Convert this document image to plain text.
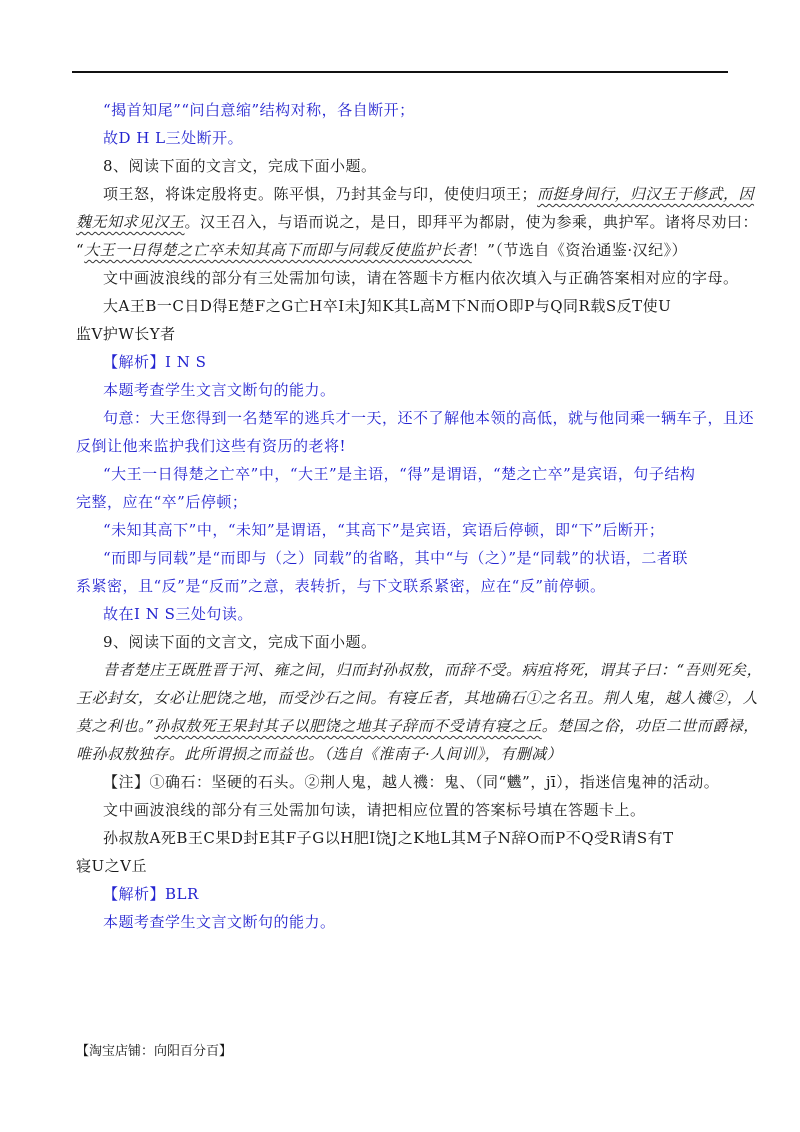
“揭首知尾”“问白意缩”结构对称，各自断开；
故D H L三处断开。
8、阅读下面的文言文，完成下面小题。
项王怒，将诛定殷将吏。陈平惧，乃封其金与印，使使归项王；而挺身间行，归汉王于修武，因
魏无知求见汉王。汉王召入，与语而说之，是日，即拜平为都尉，使为参乘，典护军。诸将尽劝曰：
“大王一日得楚之亡卒未知其高下而即与同载反使监护长者！”（节选自《资治通鉴·汉纪》）
文中画波浪线的部分有三处需加句读，请在答题卡方框内依次填入与正确答案相对应的字母。
大A王B一C日D得E楚F之G亡H卒I未J知K其L高M下N而O即P与Q同R载S反T使U
监V护W长Y者
【解析】I N S
本题考查学生文言文断句的能力。
句意：大王您得到一名楚军的逃兵才一天，还不了解他本领的高低，就与他同乘一辆车子，且还
反倒让他来监护我们这些有资历的老将!
“大王一日得楚之亡卒”中，“大王”是主语，“得”是谓语，“楚之亡卒”是宾语，句子结构
完整，应在“卒”后停顿；
“未知其高下”中，“未知”是谓语，“其高下”是宾语，宾语后停顿，即“下”后断开；
“而即与同载”是“而即与（之）同载”的省略，其中“与（之）”是“同载”的状语，二者联
系紧密，且“反”是“反而”之意，表转折，与下文联系紧密，应在“反”前停顿。
故在I N S三处句读。
9、阅读下面的文言文，完成下面小题。
昔者楚庄王既胜晋于河、雍之间，归而封孙叔敖，而辞不受。病疽将死，谓其子曰：“吾则死矣，
王必封女，女必让肥饶之地，而受沙石之间。有寝丘者，其地确石①之名丑。荆人鬼，越人禨②，人
莫之利也。”孙叔敖死王果封其子以肥饶之地其子辞而不受请有寝之丘。楚国之俗，功臣二世而爵禄，
唯孙叔敖独存。此所谓损之而益也。（选自《淮南子·人间训》，有删减）
【注】①确石：坚硬的石头。②荆人鬼，越人禨：鬼、（同“魕”，jī），指迷信鬼神的活动。
文中画波浪线的部分有三处需加句读，请把相应位置的答案标号填在答题卡上。
孙叔敖A死B王C果D封E其F子G以H肥I饶J之K地L其M子N辞O而P不Q受R请S有T
寝U之V丘
【解析】BLR
本题考查学生文言文断句的能力。
【淘宝店铺：向阳百分百】
